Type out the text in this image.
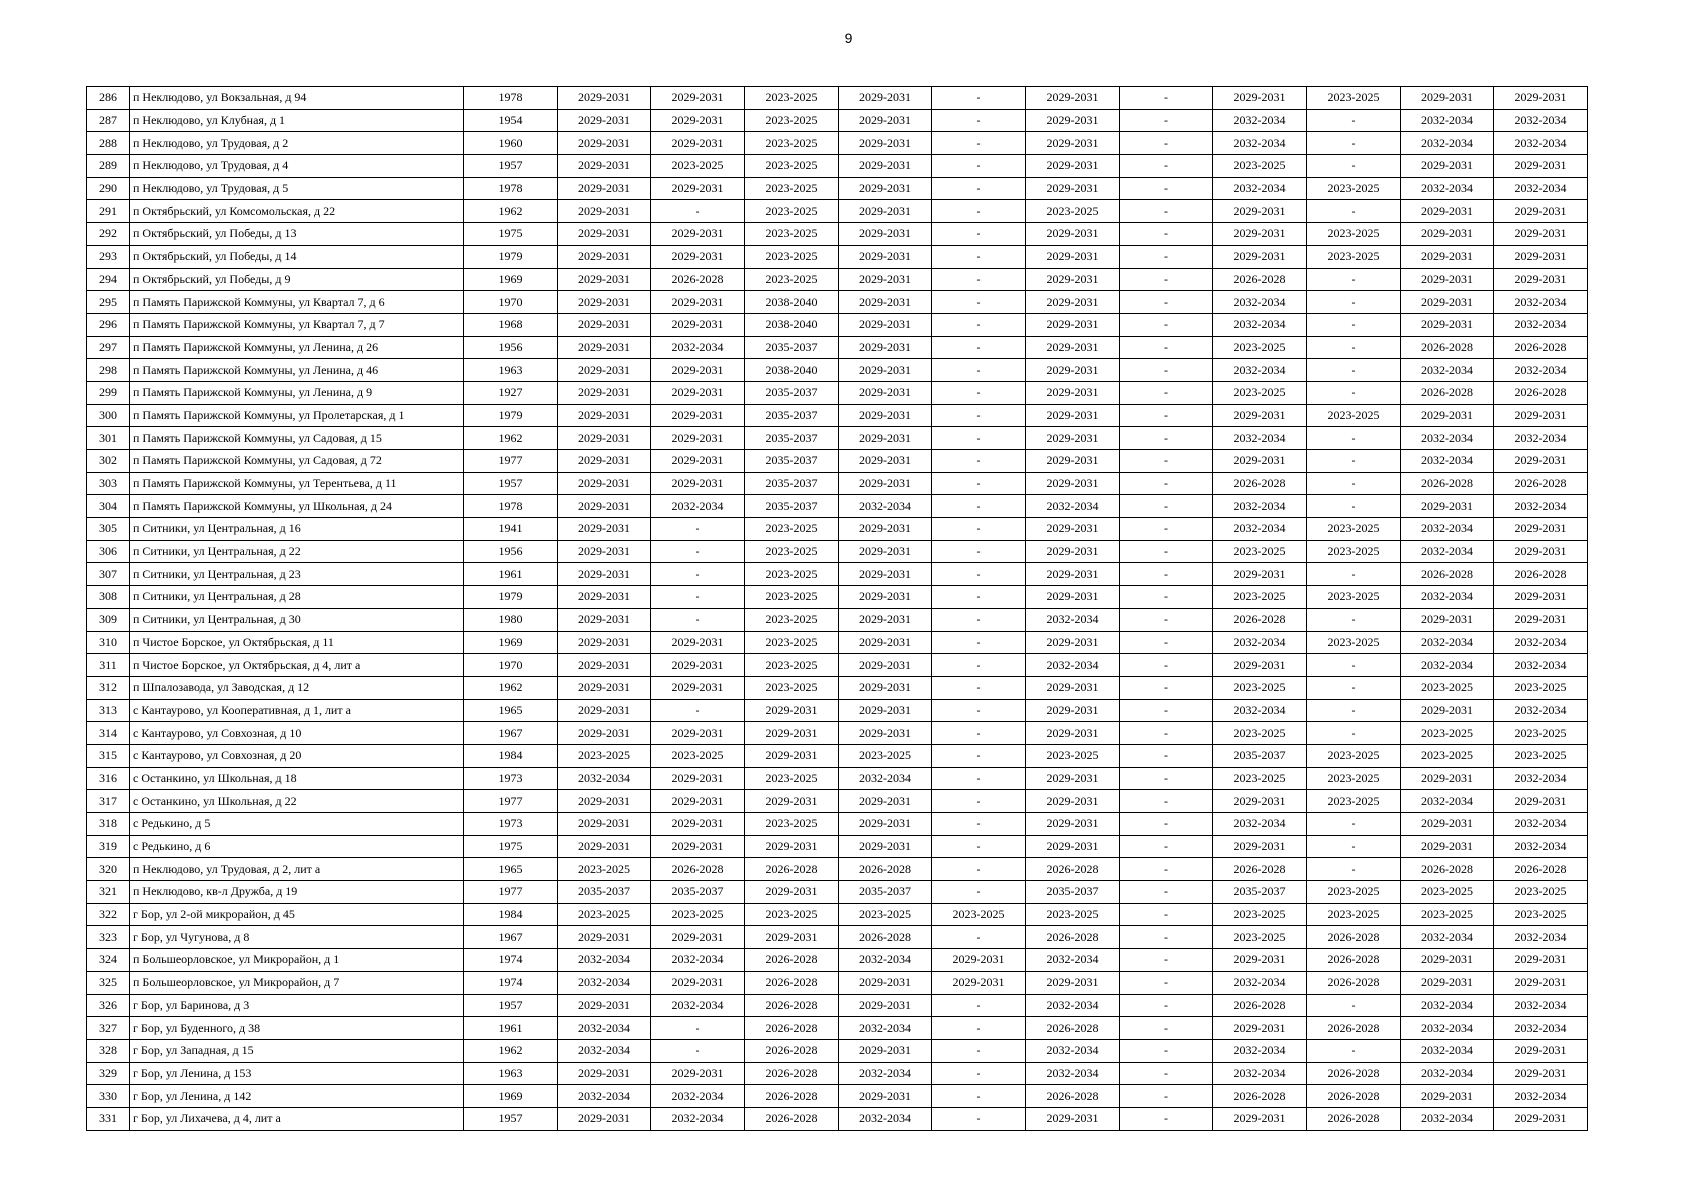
9
286	п Неклюдово, ул Вокзальная, д 94	1978	2029-2031	2029-2031	2023-2025	2029-2031	-	2029-2031	-	2029-2031	2023-2025	2029-2031	2029-2031
287	п Неклюдово, ул Клубная, д 1	1954	2029-2031	2029-2031	2023-2025	2029-2031	-	2029-2031	-	2032-2034	-	2032-2034	2032-2034
288	п Неклюдово, ул Трудовая, д 2	1960	2029-2031	2029-2031	2023-2025	2029-2031	-	2029-2031	-	2032-2034	-	2032-2034	2032-2034
289	п Неклюдово, ул Трудовая, д 4	1957	2029-2031	2023-2025	2023-2025	2029-2031	-	2029-2031	-	2023-2025	-	2029-2031	2029-2031
290	п Неклюдово, ул Трудовая, д 5	1978	2029-2031	2029-2031	2023-2025	2029-2031	-	2029-2031	-	2032-2034	2023-2025	2032-2034	2032-2034
291	п Октябрьский, ул Комсомольская, д 22	1962	2029-2031	-	2023-2025	2029-2031	-	2023-2025	-	2029-2031	-	2029-2031	2029-2031
292	п Октябрьский, ул Победы, д 13	1975	2029-2031	2029-2031	2023-2025	2029-2031	-	2029-2031	-	2029-2031	2023-2025	2029-2031	2029-2031
293	п Октябрьский, ул Победы, д 14	1979	2029-2031	2029-2031	2023-2025	2029-2031	-	2029-2031	-	2029-2031	2023-2025	2029-2031	2029-2031
294	п Октябрьский, ул Победы, д 9	1969	2029-2031	2026-2028	2023-2025	2029-2031	-	2029-2031	-	2026-2028	-	2029-2031	2029-2031
295	п Память Парижской Коммуны, ул Квартал 7, д 6	1970	2029-2031	2029-2031	2038-2040	2029-2031	-	2029-2031	-	2032-2034	-	2029-2031	2032-2034
296	п Память Парижской Коммуны, ул Квартал 7, д 7	1968	2029-2031	2029-2031	2038-2040	2029-2031	-	2029-2031	-	2032-2034	-	2029-2031	2032-2034
297	п Память Парижской Коммуны, ул Ленина, д 26	1956	2029-2031	2032-2034	2035-2037	2029-2031	-	2029-2031	-	2023-2025	-	2026-2028	2026-2028
298	п Память Парижской Коммуны, ул Ленина, д 46	1963	2029-2031	2029-2031	2038-2040	2029-2031	-	2029-2031	-	2032-2034	-	2032-2034	2032-2034
299	п Память Парижской Коммуны, ул Ленина, д 9	1927	2029-2031	2029-2031	2035-2037	2029-2031	-	2029-2031	-	2023-2025	-	2026-2028	2026-2028
300	п Память Парижской Коммуны, ул Пролетарская, д 1	1979	2029-2031	2029-2031	2035-2037	2029-2031	-	2029-2031	-	2029-2031	2023-2025	2029-2031	2029-2031
301	п Память Парижской Коммуны, ул Садовая, д 15	1962	2029-2031	2029-2031	2035-2037	2029-2031	-	2029-2031	-	2032-2034	-	2032-2034	2032-2034
302	п Память Парижской Коммуны, ул Садовая, д 72	1977	2029-2031	2029-2031	2035-2037	2029-2031	-	2029-2031	-	2029-2031	-	2032-2034	2029-2031
303	п Память Парижской Коммуны, ул Терентьева, д 11	1957	2029-2031	2029-2031	2035-2037	2029-2031	-	2029-2031	-	2026-2028	-	2026-2028	2026-2028
304	п Память Парижской Коммуны, ул Школьная, д 24	1978	2029-2031	2032-2034	2035-2037	2032-2034	-	2032-2034	-	2032-2034	-	2029-2031	2032-2034
305	п Ситники, ул Центральная, д 16	1941	2029-2031	-	2023-2025	2029-2031	-	2029-2031	-	2032-2034	2023-2025	2032-2034	2029-2031
306	п Ситники, ул Центральная, д 22	1956	2029-2031	-	2023-2025	2029-2031	-	2029-2031	-	2023-2025	2023-2025	2032-2034	2029-2031
307	п Ситники, ул Центральная, д 23	1961	2029-2031	-	2023-2025	2029-2031	-	2029-2031	-	2029-2031	-	2026-2028	2026-2028
308	п Ситники, ул Центральная, д 28	1979	2029-2031	-	2023-2025	2029-2031	-	2029-2031	-	2023-2025	2023-2025	2032-2034	2029-2031
309	п Ситники, ул Центральная, д 30	1980	2029-2031	-	2023-2025	2029-2031	-	2032-2034	-	2026-2028	-	2029-2031	2029-2031
310	п Чистое Борское, ул Октябрьская, д 11	1969	2029-2031	2029-2031	2023-2025	2029-2031	-	2029-2031	-	2032-2034	2023-2025	2032-2034	2032-2034
311	п Чистое Борское, ул Октябрьская, д 4, лит а	1970	2029-2031	2029-2031	2023-2025	2029-2031	-	2032-2034	-	2029-2031	-	2032-2034	2032-2034
312	п Шпалозавода, ул Заводская, д 12	1962	2029-2031	2029-2031	2023-2025	2029-2031	-	2029-2031	-	2023-2025	-	2023-2025	2023-2025
313	с Кантаурово, ул Кооперативная, д 1, лит а	1965	2029-2031	-	2029-2031	2029-2031	-	2029-2031	-	2032-2034	-	2029-2031	2032-2034
314	с Кантаурово, ул Совхозная, д 10	1967	2029-2031	2029-2031	2029-2031	2029-2031	-	2029-2031	-	2023-2025	-	2023-2025	2023-2025
315	с Кантаурово, ул Совхозная, д 20	1984	2023-2025	2023-2025	2029-2031	2023-2025	-	2023-2025	-	2035-2037	2023-2025	2023-2025	2023-2025
316	с Останкино, ул Школьная, д 18	1973	2032-2034	2029-2031	2023-2025	2032-2034	-	2029-2031	-	2023-2025	2023-2025	2029-2031	2032-2034
317	с Останкино, ул Школьная, д 22	1977	2029-2031	2029-2031	2029-2031	2029-2031	-	2029-2031	-	2029-2031	2023-2025	2032-2034	2029-2031
318	с Редькино, д 5	1973	2029-2031	2029-2031	2023-2025	2029-2031	-	2029-2031	-	2032-2034	-	2029-2031	2032-2034
319	с Редькино, д 6	1975	2029-2031	2029-2031	2029-2031	2029-2031	-	2029-2031	-	2029-2031	-	2029-2031	2032-2034
320	п Неклюдово, ул Трудовая, д 2, лит а	1965	2023-2025	2026-2028	2026-2028	2026-2028	-	2026-2028	-	2026-2028	-	2026-2028	2026-2028
321	п Неклюдово, кв-л Дружба, д 19	1977	2035-2037	2035-2037	2029-2031	2035-2037	-	2035-2037	-	2035-2037	2023-2025	2023-2025	2023-2025
322	г Бор, ул 2-ой микрорайон, д 45	1984	2023-2025	2023-2025	2023-2025	2023-2025	2023-2025	2023-2025	-	2023-2025	2023-2025	2023-2025	2023-2025
323	г Бор, ул Чугунова, д 8	1967	2029-2031	2029-2031	2029-2031	2026-2028	-	2026-2028	-	2023-2025	2026-2028	2032-2034	2032-2034
324	п Большеорловское, ул Микрорайон, д 1	1974	2032-2034	2032-2034	2026-2028	2032-2034	2029-2031	2032-2034	-	2029-2031	2026-2028	2029-2031	2029-2031
325	п Большеорловское, ул Микрорайон, д 7	1974	2032-2034	2029-2031	2026-2028	2029-2031	2029-2031	2029-2031	-	2032-2034	2026-2028	2029-2031	2029-2031
326	г Бор, ул Баринова, д 3	1957	2029-2031	2032-2034	2026-2028	2029-2031	-	2032-2034	-	2026-2028	-	2032-2034	2032-2034
327	г Бор, ул Буденного, д 38	1961	2032-2034	-	2026-2028	2032-2034	-	2026-2028	-	2029-2031	2026-2028	2032-2034	2032-2034
328	г Бор, ул Западная, д 15	1962	2032-2034	-	2026-2028	2029-2031	-	2032-2034	-	2032-2034	-	2032-2034	2029-2031
329	г Бор, ул Ленина, д 153	1963	2029-2031	2029-2031	2026-2028	2032-2034	-	2032-2034	-	2032-2034	2026-2028	2032-2034	2029-2031
330	г Бор, ул Ленина, д 142	1969	2032-2034	2032-2034	2026-2028	2029-2031	-	2026-2028	-	2026-2028	2026-2028	2029-2031	2032-2034
331	г Бор, ул Лихачева, д 4, лит а	1957	2029-2031	2032-2034	2026-2028	2032-2034	-	2029-2031	-	2029-2031	2026-2028	2032-2034	2029-2031
